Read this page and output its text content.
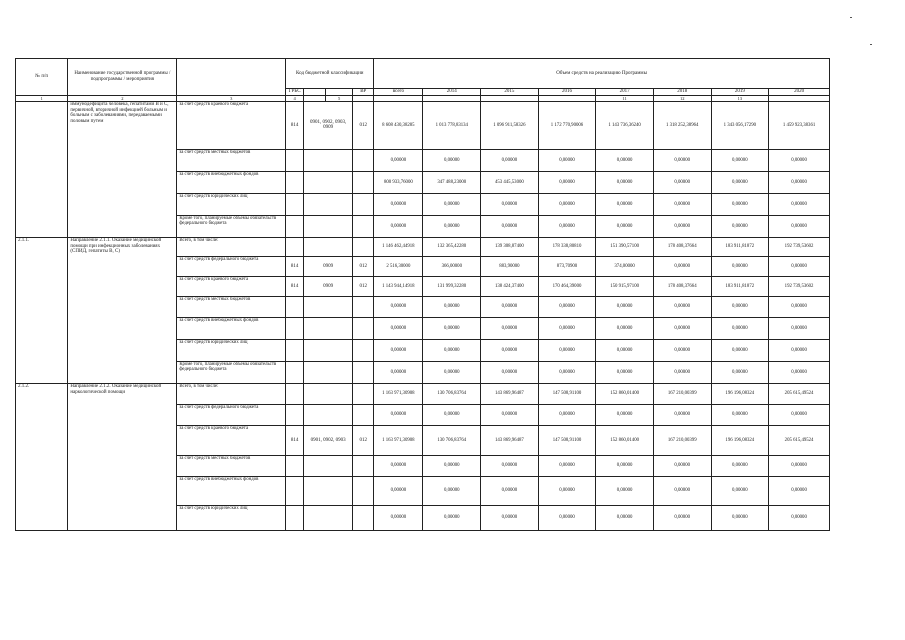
№ п/п	Наименование государственной программы / подпрограммы / мероприятия		Код бюджетной классификации				Объем средств на реализацию Программы							
			ГРБС			ВР	всего	2014	2015	2016	2017	2018	2019	2020
1	2	3	4		5						11	12	13	
	иммунодефицита человека, гепатитами В и С, первичной, вторичной инфекцией больным и больным с заболеваниями, передаваемыми половым путем	за счет средств краевого бюджета	814	0901, 0902, 0903, 0909		012	8 608 430,38285	1 013 778,83134	1 096 911,58326	1 172 770,90006	1 143 736,36240	1 318 252,38964	1 343 056,17290	1 459 923,38361
		за счет средств местных бюджетов					0,00000	0,00000	0,00000	0,00000	0,00000	0,00000	0,00000	0,00000
		за счет средств внебюджетных фондов					800 933,76000	347 488,23000	453 445,53000	0,00000	0,00000	0,00000	0,00000	0,00000
		за счет средств юридических лиц					0,00000	0,00000	0,00000	0,00000	0,00000	0,00000	0,00000	0,00000
		Кроме того, планируемые объемы обязательств федерального бюджета					0,00000	0,00000	0,00000	0,00000	0,00000	0,00000	0,00000	0,00000
2.1.1.	Направление 2.1.1. Оказание медицинской помощи при инфекционных заболеваниях (СПИД, гепатиты В, С)	Всего, в том числе:					1 146 462,44918	132 365,42280	139 308,87400	178 338,80810	151 390,57100	178 408,37664	183 911,81872	192 739,53602
		за счет средств федерального бюджета	814	0909		012	2 516,30000	366,00000	883,90000	873,70900	374,00000	0,00000	0,00000	0,00000
		за счет средств краевого бюджета	814	0909		012	1 143 944,14918	131 999,32280	138 424,37400	170 464,39000	150 915,97100	178 408,37664	183 911,81872	192 739,53602
		за счет средств местных бюджетов					0,00000	0,00000	0,00000	0,00000	0,00000	0,00000	0,00000	0,00000
		за счет средств внебюджетных фондов					0,00000	0,00000	0,00000	0,00000	0,00000	0,00000	0,00000	0,00000
		за счет средств юридических лиц					0,00000	0,00000	0,00000	0,00000	0,00000	0,00000	0,00000	0,00000
		Кроме того, планируемые объемы обязательств федерального бюджета					0,00000	0,00000	0,00000	0,00000	0,00000	0,00000	0,00000	0,00000
2.1.2.	Направление 2.1.2. Оказание медицинской наркологической помощи	Всего, в том числе:					1 163 971,30908	130 706,83764	143 869,96487	147 508,91100	152 860,01400	167 210,00399	196 196,08324	205 615,49524
		за счет средств федерального бюджета					0,00000	0,00000	0,00000	0,00000	0,00000	0,00000	0,00000	0,00000
		за счет средств краевого бюджета	814	0901, 0902, 0903		012	1 163 971,30908	130 706,83764	143 869,96487	147 508,91100	152 860,01400	167 210,00399	196 196,08324	205 615,49524
		за счет средств местных бюджетов					0,00000	0,00000	0,00000	0,00000	0,00000	0,00000	0,00000	0,00000
		за счет средств внебюджетных фондов					0,00000	0,00000	0,00000	0,00000	0,00000	0,00000	0,00000	0,00000
		за счет средств юридических лиц					0,00000	0,00000	0,00000	0,00000	0,00000	0,00000	0,00000	0,00000
